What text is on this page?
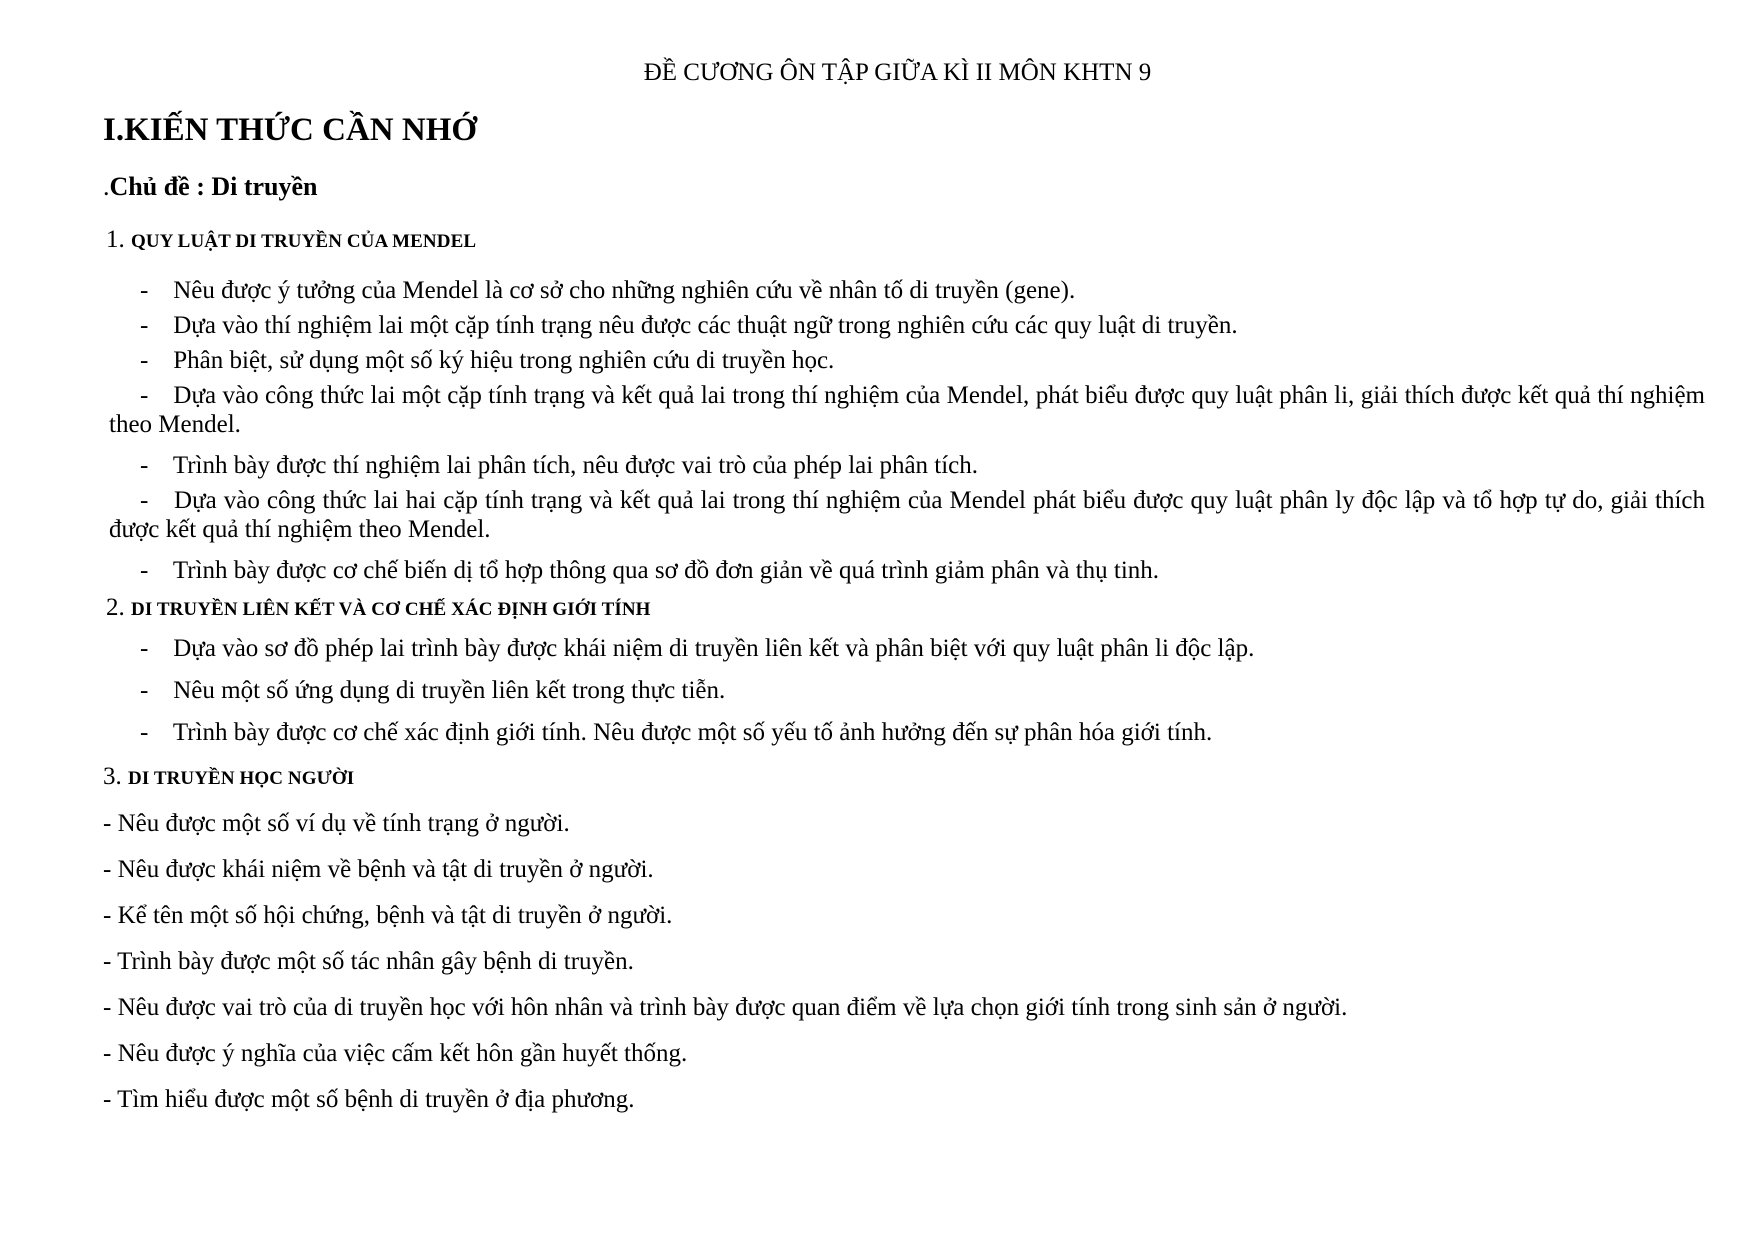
ĐỀ CƯƠNG ÔN TẬP GIỮA KÌ II MÔN KHTN 9
I.KIẾN THỨC CẦN NHỚ
.Chủ đề : Di truyền
1. QUY LUẬT DI TRUYỀN CỦA MENDEL
- Nêu được ý tưởng của Mendel là cơ sở cho những nghiên cứu về nhân tố di truyền (gene).
- Dựa vào thí nghiệm lai một cặp tính trạng nêu được các thuật ngữ trong nghiên cứu các quy luật di truyền.
- Phân biệt, sử dụng một số ký hiệu trong nghiên cứu di truyền học.
- Dựa vào công thức lai một cặp tính trạng và kết quả lai trong thí nghiệm của Mendel, phát biểu được quy luật phân li, giải thích được kết quả thí nghiệm theo Mendel.
- Trình bày được thí nghiệm lai phân tích, nêu được vai trò của phép lai phân tích.
- Dựa vào công thức lai hai cặp tính trạng và kết quả lai trong thí nghiệm của Mendel phát biểu được quy luật phân ly độc lập và tổ hợp tự do, giải thích được kết quả thí nghiệm theo Mendel.
- Trình bày được cơ chế biến dị tổ hợp thông qua sơ đồ đơn giản về quá trình giảm phân và thụ tinh.
2. DI TRUYỀN LIÊN KẾT VÀ CƠ CHẾ XÁC ĐỊNH GIỚI TÍNH
- Dựa vào sơ đồ phép lai trình bày được khái niệm di truyền liên kết và phân biệt với quy luật phân li độc lập.
- Nêu một số ứng dụng di truyền liên kết trong thực tiễn.
- Trình bày được cơ chế xác định giới tính. Nêu được một số yếu tố ảnh hưởng đến sự phân hóa giới tính.
3. DI TRUYỀN HỌC NGƯỜI
- Nêu được một số ví dụ về tính trạng ở người.
- Nêu được khái niệm về bệnh và tật di truyền ở người.
- Kể tên một số hội chứng, bệnh và tật di truyền ở người.
- Trình bày được một số tác nhân gây bệnh di truyền.
- Nêu được vai trò của di truyền học với hôn nhân và trình bày được quan điểm về lựa chọn giới tính trong sinh sản ở người.
- Nêu được ý nghĩa của việc cấm kết hôn gần huyết thống.
- Tìm hiểu được một số bệnh di truyền ở địa phương.
